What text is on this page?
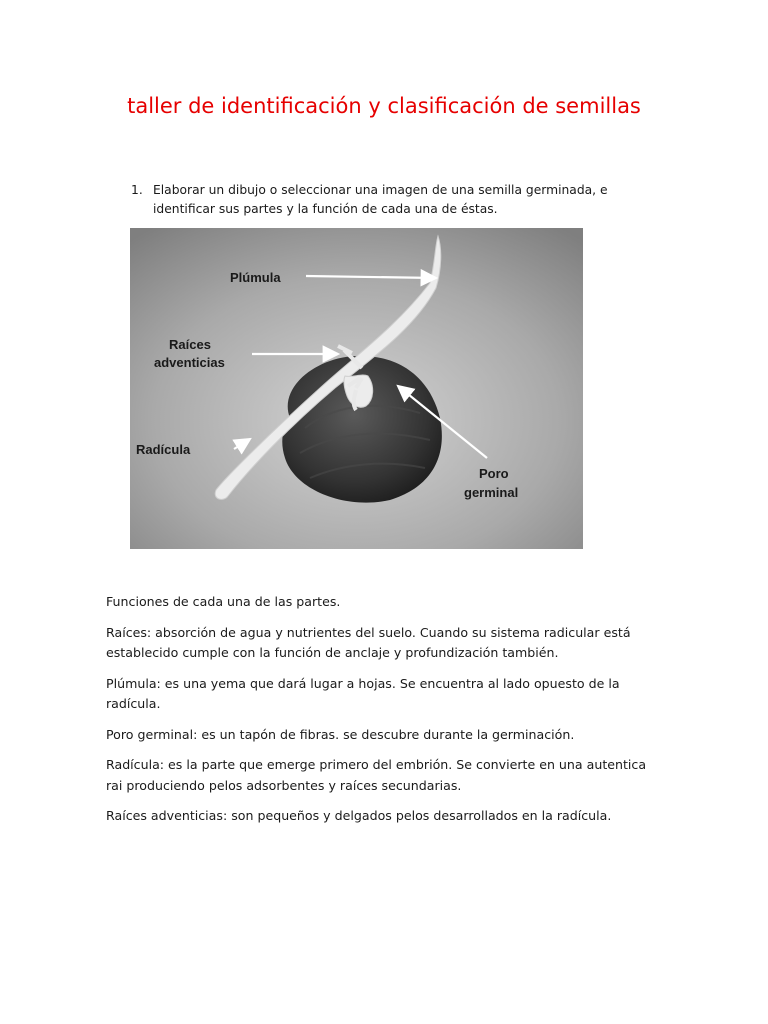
taller de identificación y clasificación de semillas
1. Elaborar un dibujo o seleccionar una imagen de una semilla germinada, e identificar sus partes y la función de cada una de éstas.
Plúmula
Raíces
adventicias
Radícula
Poro
germinal

Funciones de cada una de las partes.

Raíces: absorción de agua y nutrientes del suelo. Cuando su sistema radicular está establecido cumple con la función de anclaje y profundización también.

Plúmula: es una yema que dará lugar a hojas. Se encuentra al lado opuesto de la radícula.

Poro germinal: es un tapón de fibras. se descubre durante la germinación.

Radícula: es la parte que emerge primero del embrión. Se convierte en una autentica rai produciendo pelos adsorbentes y raíces secundarias.

Raíces adventicias: son pequeños y delgados pelos desarrollados en la radícula.
